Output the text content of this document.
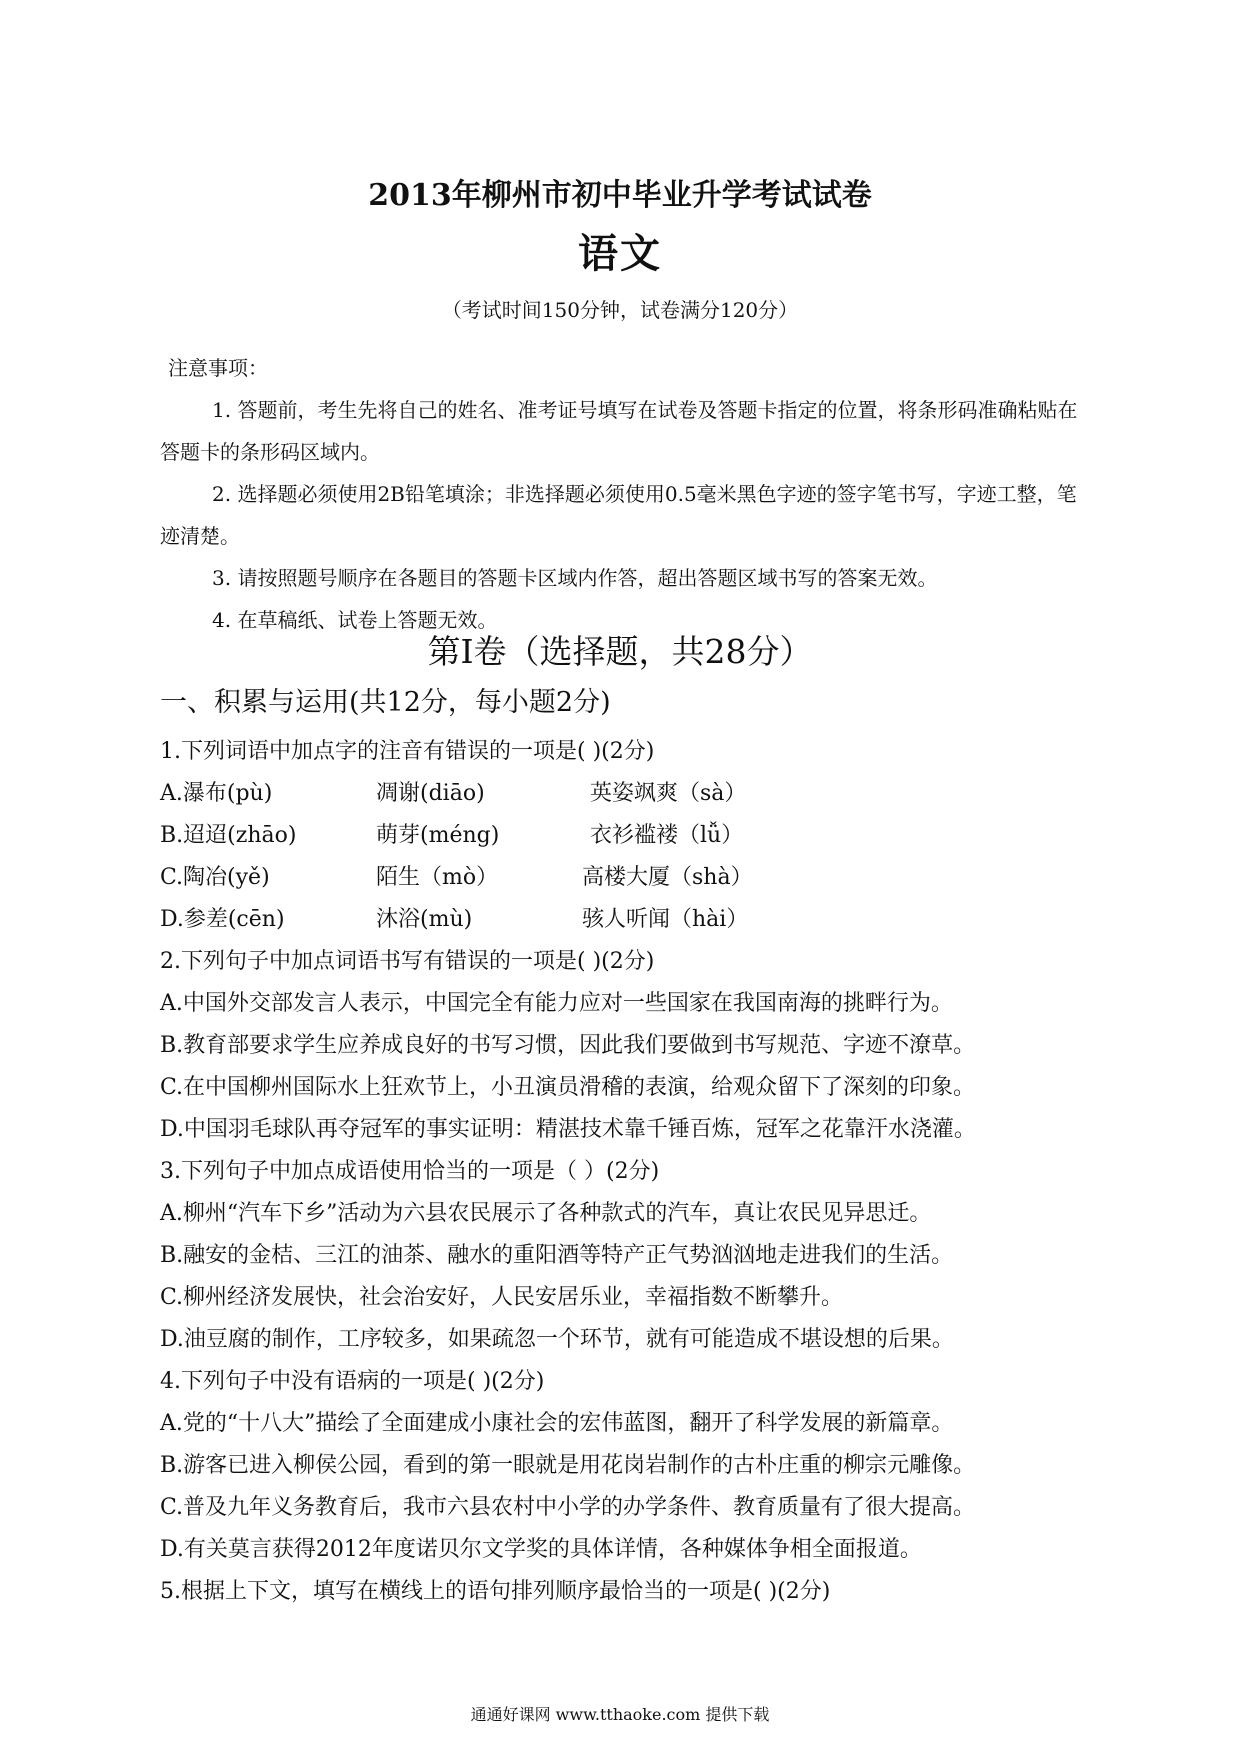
2013年柳州市初中毕业升学考试试卷
语文
（考试时间150分钟，试卷满分120分）
注意事项：
1. 答题前，考生先将自己的姓名、准考证号填写在试卷及答题卡指定的位置，将条形码准确粘贴在答题卡的条形码区域内。
2. 选择题必须使用2B铅笔填涂；非选择题必须使用0.5毫米黑色字迹的签字笔书写，字迹工整，笔迹清楚。
3. 请按照题号顺序在各题目的答题卡区域内作答，超出答题区域书写的答案无效。
4. 在草稿纸、试卷上答题无效。
第Ⅰ卷（选择题，共28分）
一、积累与运用(共12分，每小题2分)
1.下列词语中加点字的注音有错误的一项是( )(2分)
A.瀑布(pù)	凋谢(diāo)	英姿飒爽（sà）
B.迢迢(zhāo)	萌芽(méng)	衣衫褴褛（lǚ）
C.陶冶(yě)	陌生（mò）	高楼大厦（shà）
D.参差(cēn)	沐浴(mù)	骇人听闻（hài）
2.下列句子中加点词语书写有错误的一项是( )(2分)
A.中国外交部发言人表示，中国完全有能力应对一些国家在我国南海的挑畔行为。
B.教育部要求学生应养成良好的书写习惯，因此我们要做到书写规范、字迹不潦草。
C.在中国柳州国际水上狂欢节上，小丑演员滑稽的表演，给观众留下了深刻的印象。
D.中国羽毛球队再夺冠军的事实证明：精湛技术靠千锤百炼，冠军之花靠汗水浇灌。
3.下列句子中加点成语使用恰当的一项是（ ）(2分)
A.柳州“汽车下乡”活动为六县农民展示了各种款式的汽车，真让农民见异思迁。
B.融安的金桔、三江的油茶、融水的重阳酒等特产正气势汹汹地走进我们的生活。
C.柳州经济发展快，社会治安好，人民安居乐业，幸福指数不断攀升。
D.油豆腐的制作，工序较多，如果疏忽一个环节，就有可能造成不堪设想的后果。
4.下列句子中没有语病的一项是( )(2分)
A.党的“十八大”描绘了全面建成小康社会的宏伟蓝图，翻开了科学发展的新篇章。
B.游客已进入柳侯公园，看到的第一眼就是用花岗岩制作的古朴庄重的柳宗元雕像。
C.普及九年义务教育后，我市六县农村中小学的办学条件、教育质量有了很大提高。
D.有关莫言获得2012年度诺贝尔文学奖的具体详情，各种媒体争相全面报道。
5.根据上下文，填写在横线上的语句排列顺序最恰当的一项是( )(2分)
通通好课网 www.tthaoke.com 提供下载
